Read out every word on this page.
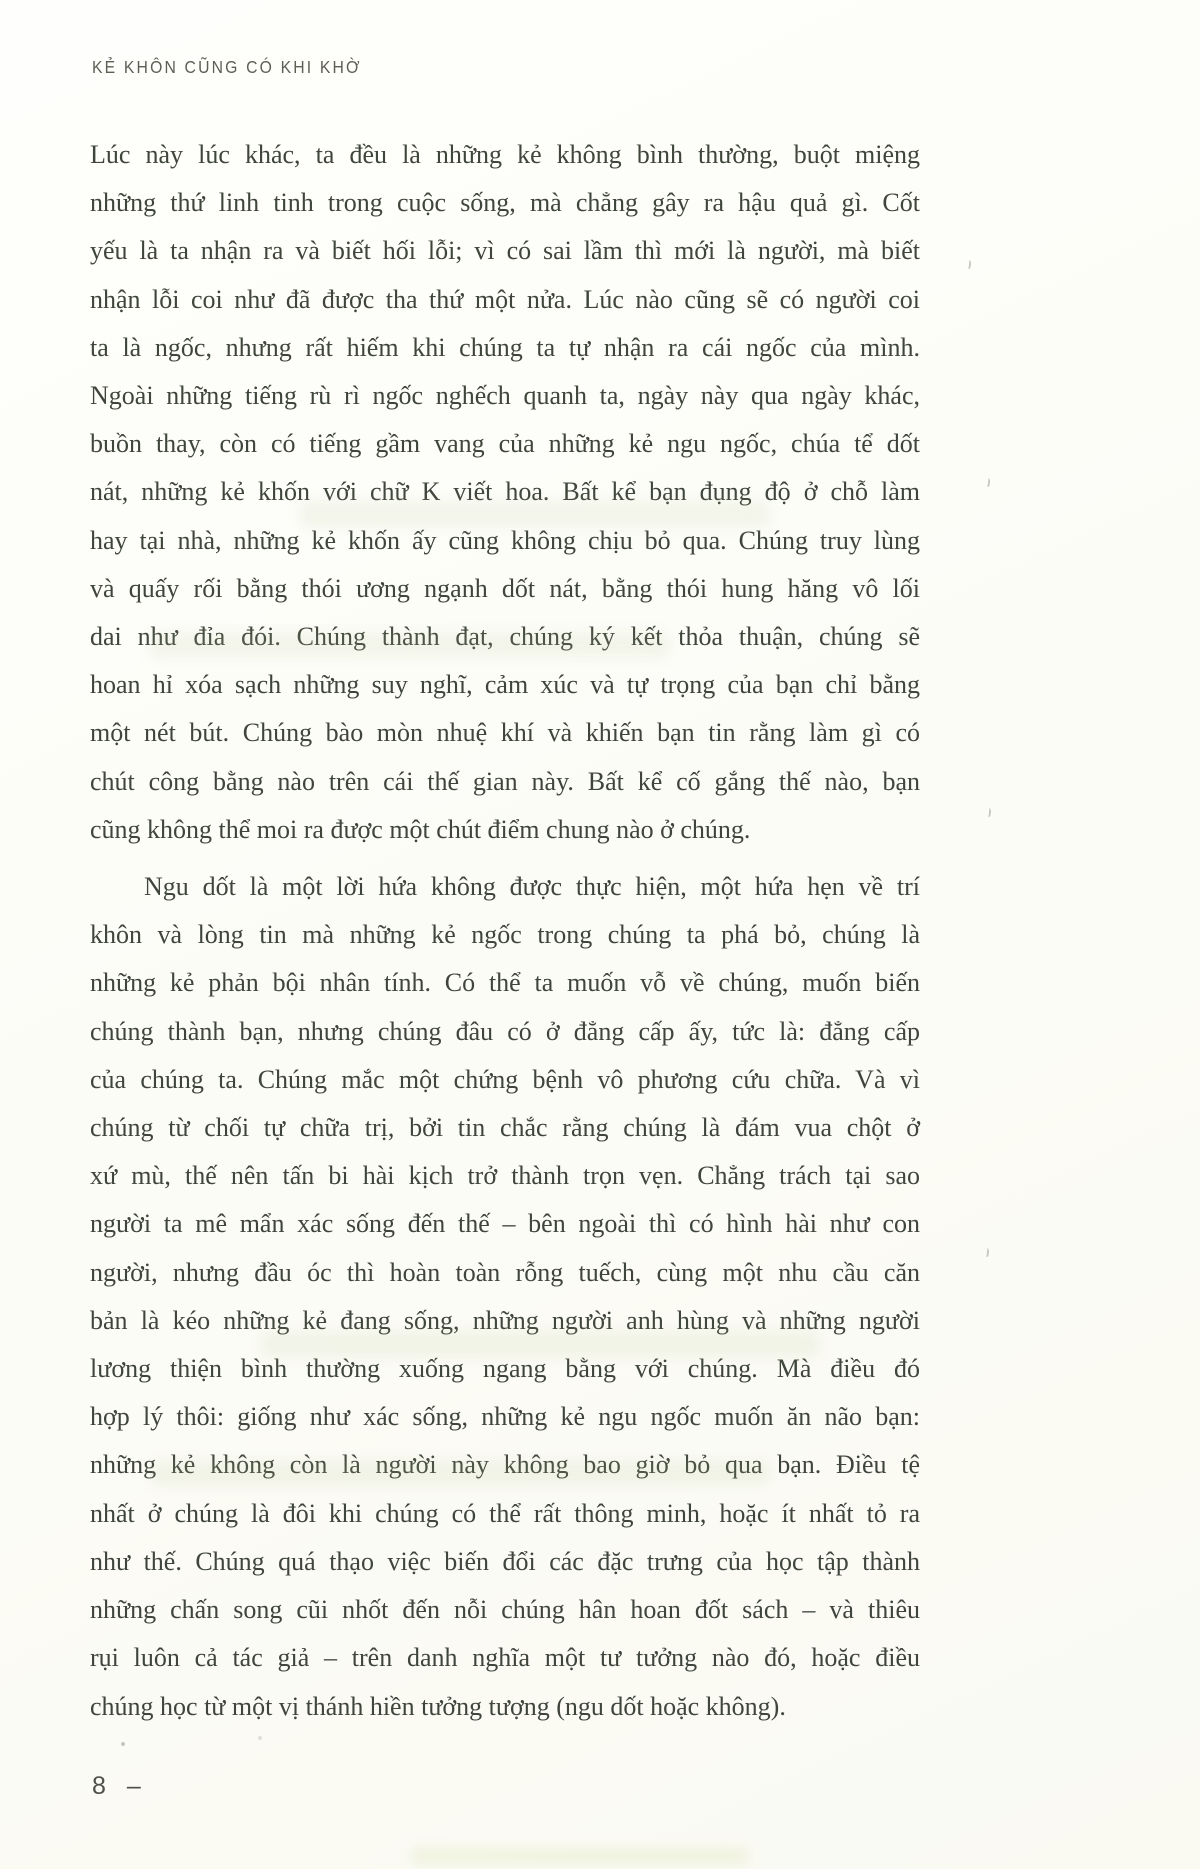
KẺ KHÔN CŨNG CÓ KHI KHỜ
Lúc này lúc khác, ta đều là những kẻ không bình thường, buột miệng
những thứ linh tinh trong cuộc sống, mà chẳng gây ra hậu quả gì. Cốt
yếu là ta nhận ra và biết hối lỗi; vì có sai lầm thì mới là người, mà biết
nhận lỗi coi như đã được tha thứ một nửa. Lúc nào cũng sẽ có người coi
ta là ngốc, nhưng rất hiếm khi chúng ta tự nhận ra cái ngốc của mình.
Ngoài những tiếng rù rì ngốc nghếch quanh ta, ngày này qua ngày khác,
buồn thay, còn có tiếng gầm vang của những kẻ ngu ngốc, chúa tể dốt
nát, những kẻ khốn với chữ K viết hoa. Bất kể bạn đụng độ ở chỗ làm
hay tại nhà, những kẻ khốn ấy cũng không chịu bỏ qua. Chúng truy lùng
và quấy rối bằng thói ương ngạnh dốt nát, bằng thói hung hăng vô lối
dai như đỉa đói. Chúng thành đạt, chúng ký kết thỏa thuận, chúng sẽ
hoan hỉ xóa sạch những suy nghĩ, cảm xúc và tự trọng của bạn chỉ bằng
một nét bút. Chúng bào mòn nhuệ khí và khiến bạn tin rằng làm gì có
chút công bằng nào trên cái thế gian này. Bất kể cố gắng thế nào, bạn
cũng không thể moi ra được một chút điểm chung nào ở chúng.
Ngu dốt là một lời hứa không được thực hiện, một hứa hẹn về trí
khôn và lòng tin mà những kẻ ngốc trong chúng ta phá bỏ, chúng là
những kẻ phản bội nhân tính. Có thể ta muốn vỗ về chúng, muốn biến
chúng thành bạn, nhưng chúng đâu có ở đẳng cấp ấy, tức là: đẳng cấp
của chúng ta. Chúng mắc một chứng bệnh vô phương cứu chữa. Và vì
chúng từ chối tự chữa trị, bởi tin chắc rằng chúng là đám vua chột ở
xứ mù, thế nên tấn bi hài kịch trở thành trọn vẹn. Chẳng trách tại sao
người ta mê mẩn xác sống đến thế – bên ngoài thì có hình hài như con
người, nhưng đầu óc thì hoàn toàn rỗng tuếch, cùng một nhu cầu căn
bản là kéo những kẻ đang sống, những người anh hùng và những người
lương thiện bình thường xuống ngang bằng với chúng. Mà điều đó
hợp lý thôi: giống như xác sống, những kẻ ngu ngốc muốn ăn não bạn:
những kẻ không còn là người này không bao giờ bỏ qua bạn. Điều tệ
nhất ở chúng là đôi khi chúng có thể rất thông minh, hoặc ít nhất tỏ ra
như thế. Chúng quá thạo việc biến đổi các đặc trưng của học tập thành
những chấn song cũi nhốt đến nỗi chúng hân hoan đốt sách – và thiêu
rụi luôn cả tác giả – trên danh nghĩa một tư tưởng nào đó, hoặc điều
chúng học từ một vị thánh hiền tưởng tượng (ngu dốt hoặc không).
8 –
